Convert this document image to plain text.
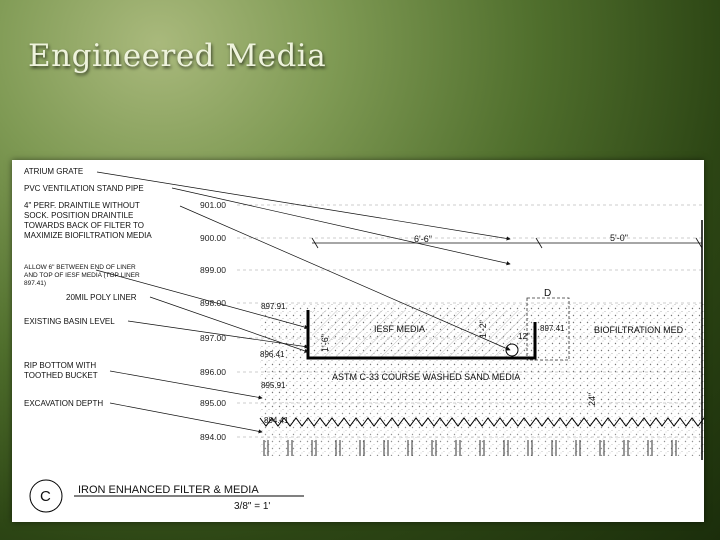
Engineered Media
ATRIUM GRATE
PVC VENTILATION STAND PIPE
4" PERF. DRAINTILE WITHOUT
SOCK. POSITION DRAINTILE
TOWARDS BACK OF FILTER TO
MAXIMIZE BIOFILTRATION MEDIA
ALLOW 6" BETWEEN END OF LINER
AND TOP OF IESF MEDIA (TOP LINER
897.41)
20MIL POLY LINER
EXISTING BASIN LEVEL
RIP BOTTOM WITH
TOOTHED BUCKET
EXCAVATION DEPTH
901.00
900.00
899.00
898.00
897.00
896.00
895.00
894.00
897.91
896.41
895.91
894.41
897.41
6'-6"	5'-0"
1'-6"
1'-2"	12"
24"
D
IESF MEDIA
ASTM C-33 COURSE WASHED SAND MEDIA
BIOFILTRATION MED
C IRON ENHANCED FILTER & MEDIA
3/8" = 1'
